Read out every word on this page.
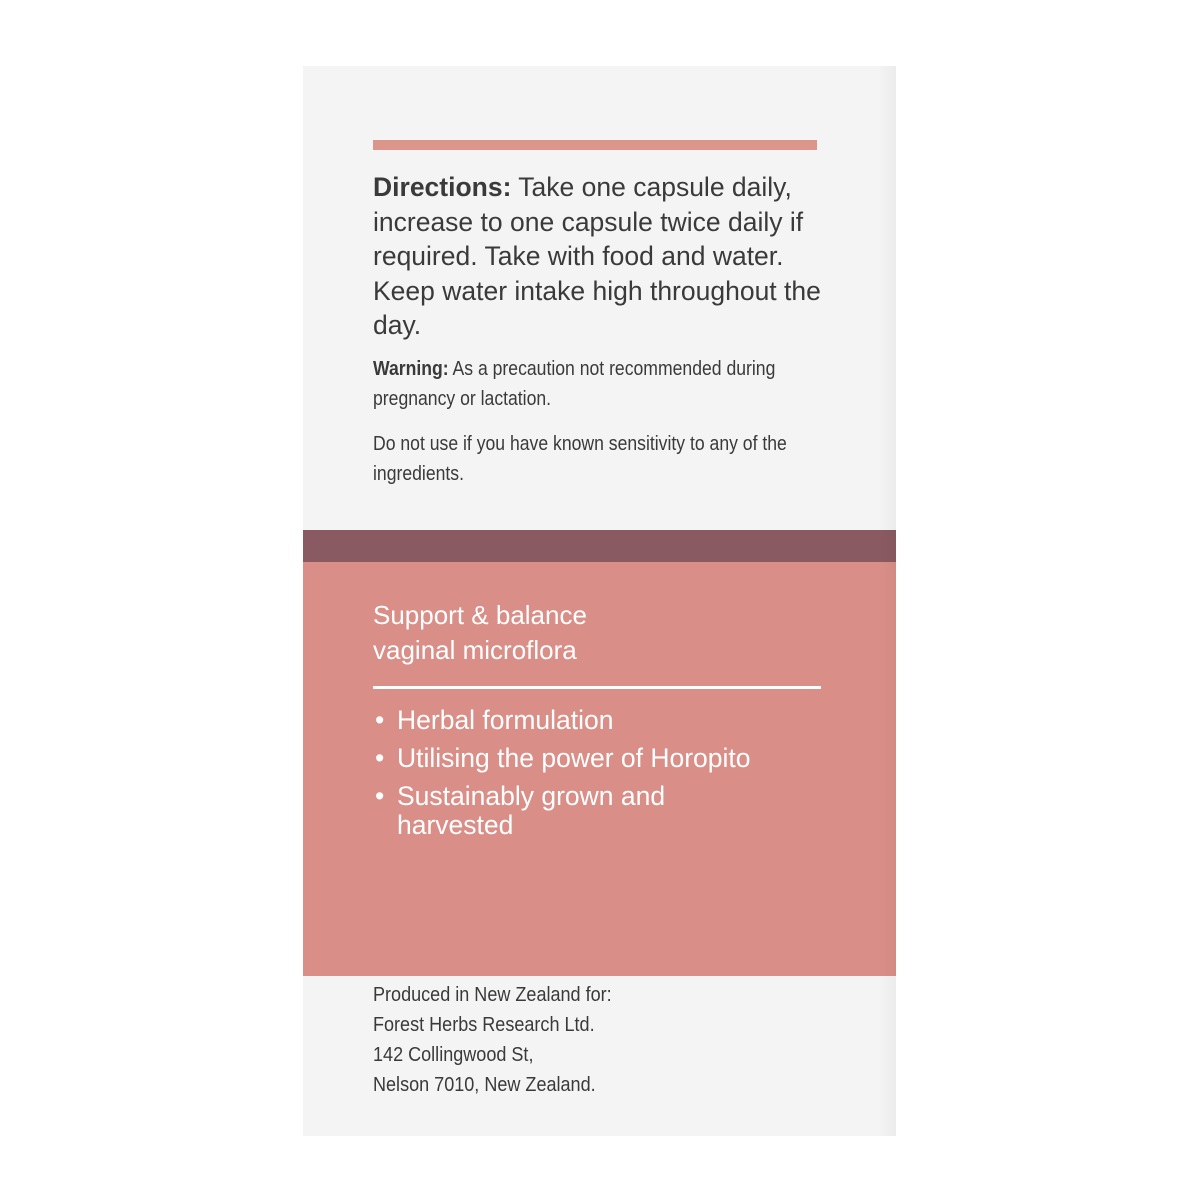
Directions: Take one capsule daily, increase to one capsule twice daily if required. Take with food and water. Keep water intake high throughout the day.

Warning: As a precaution not recommended during pregnancy or lactation.

Do not use if you have known sensitivity to any of the ingredients.

Support & balance
vaginal microflora

• Herbal formulation
• Utilising the power of Horopito
• Sustainably grown and harvested

Produced in New Zealand for:
Forest Herbs Research Ltd.
142 Collingwood St,
Nelson 7010, New Zealand.
